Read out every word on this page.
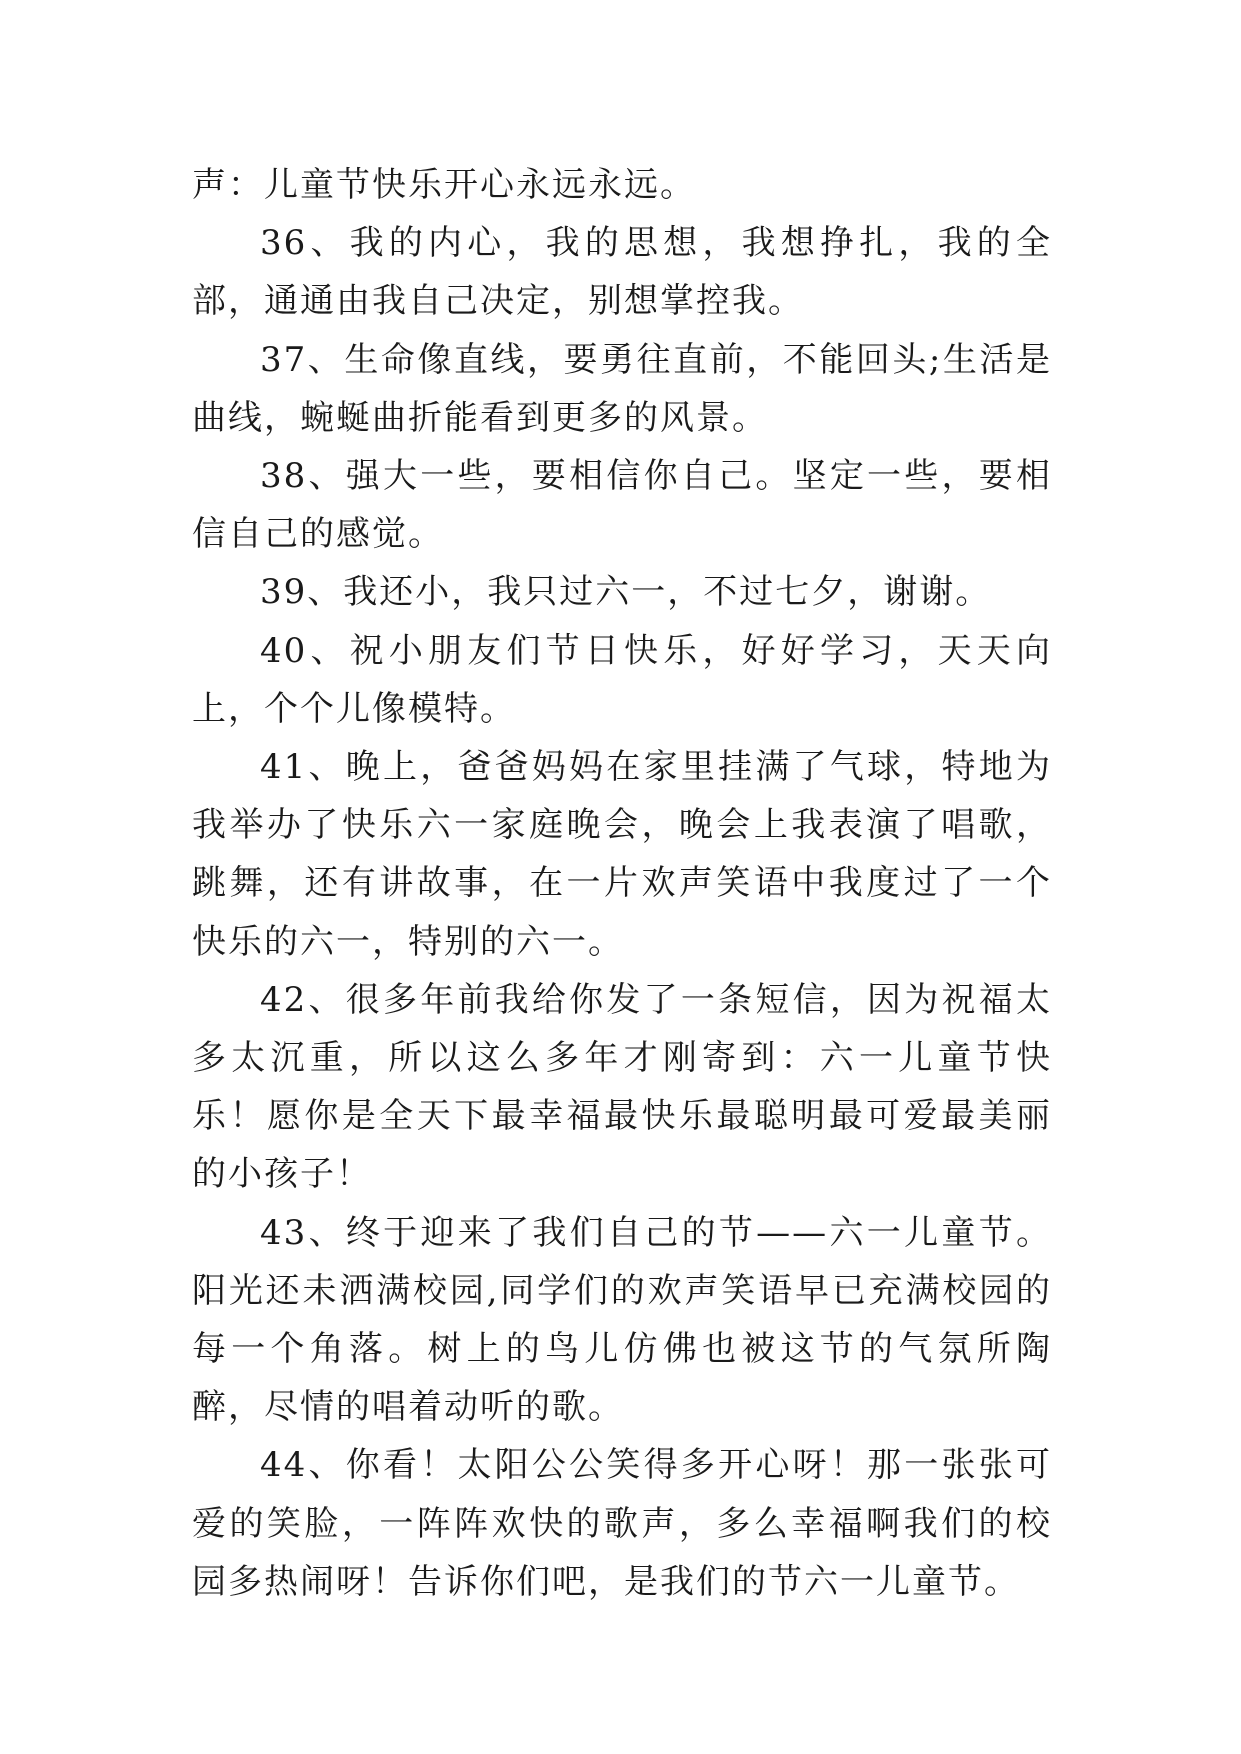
声：儿童节快乐开心永远永远。

36、我的内心，我的思想，我想挣扎，我的全部，通通由我自己决定，别想掌控我。

37、生命像直线，要勇往直前，不能回头;生活是曲线，蜿蜒曲折能看到更多的风景。

38、强大一些，要相信你自己。坚定一些，要相信自己的感觉。

39、我还小，我只过六一，不过七夕，谢谢。

40、祝小朋友们节日快乐，好好学习，天天向上，个个儿像模特。

41、晚上，爸爸妈妈在家里挂满了气球，特地为我举办了快乐六一家庭晚会，晚会上我表演了唱歌，跳舞，还有讲故事，在一片欢声笑语中我度过了一个快乐的六一，特别的六一。

42、很多年前我给你发了一条短信，因为祝福太多太沉重，所以这么多年才刚寄到：六一儿童节快乐！愿你是全天下最幸福最快乐最聪明最可爱最美丽的小孩子！

43、终于迎来了我们自己的节——六一儿童节。阳光还未洒满校园,同学们的欢声笑语早已充满校园的每一个角落。树上的鸟儿仿佛也被这节的气氛所陶醉，尽情的唱着动听的歌。

44、你看！太阳公公笑得多开心呀！那一张张可爱的笑脸，一阵阵欢快的歌声，多么幸福啊我们的校园多热闹呀！告诉你们吧，是我们的节六一儿童节。
